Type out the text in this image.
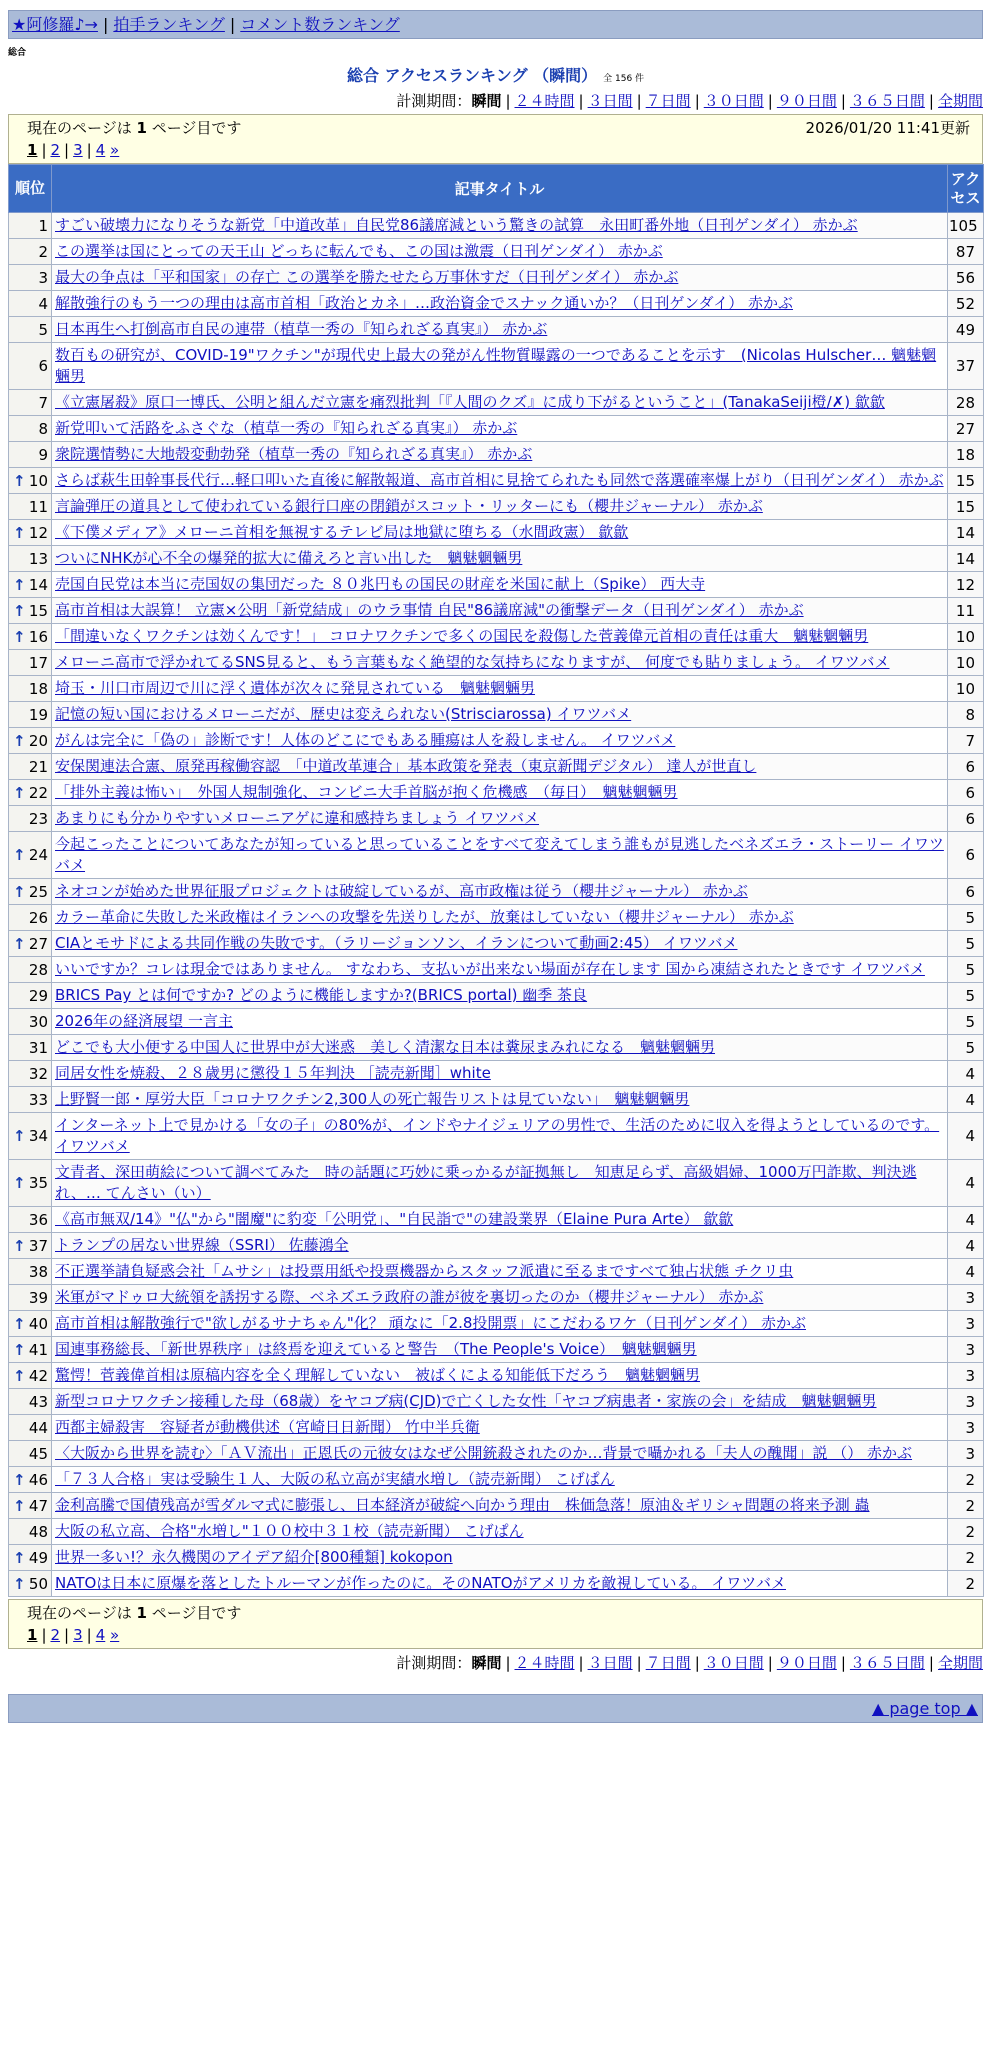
★阿修羅♪→ | 拍手ランキング | コメント数ランキング
総合
総合 アクセスランキング （瞬間） 全 156 件
計測期間：瞬間 | ２４時間 | ３日間 | ７日間 | ３０日間 | ９０日間 | ３６５日間 | 全期間
現在のページは 1 ページ目です	2026/01/20 11:41更新
1 | 2 | 3 | 4 »
順位	記事タイトル	アクセス
1	すごい破壊力になりそうな新党「中道改革」自民党86議席減という驚きの試算　永田町番外地（日刊ゲンダイ） 赤かぶ	105
2	この選挙は国にとっての天王山 どっちに転んでも、この国は激震（日刊ゲンダイ） 赤かぶ	87
3	最大の争点は「平和国家」の存亡 この選挙を勝たせたら万事休すだ（日刊ゲンダイ） 赤かぶ	56
4	解散強行のもう一つの理由は高市首相「政治とカネ」…政治資金でスナック通いか？（日刊ゲンダイ） 赤かぶ	52
5	日本再生へ打倒高市自民の連帯（植草一秀の『知られざる真実』） 赤かぶ	49
6	数百もの研究が、COVID-19"ワクチン"が現代史上最大の発がん性物質曝露の一つであることを示す　(Nicolas Hulscher… 魑魅魍魎男	37
7	《立憲屠殺》原口一博氏、公明と組んだ立憲を痛烈批判「『人間のクズ』に成り下がるということ」(TanakaSeiji橙/✗) 歙歙	28
8	新党叩いて活路をふさぐな（植草一秀の『知られざる真実』） 赤かぶ	27
9	衆院選情勢に大地殻変動勃発（植草一秀の『知られざる真実』） 赤かぶ	18

↑ 10	さらば萩生田幹事長代行…軽口叩いた直後に解散報道、高市首相に見捨てられたも同然で落選確率爆上がり（日刊ゲンダイ） 赤かぶ	15
11	言論弾圧の道具として使われている銀行口座の閉鎖がスコット・リッターにも（櫻井ジャーナル） 赤かぶ	15

↑ 12	《下僕メディア》メローニ首相を無視するテレビ局は地獄に堕ちる（水間政憲） 歙歙	14
13	ついにNHKが心不全の爆発的拡大に備えろと言い出した　魑魅魍魎男	14

↑ 14	売国自民党は本当に売国奴の集団だった ８０兆円もの国民の財産を米国に献上（Spike） 西大寺	12

↑ 15	高市首相は大誤算！ 立憲×公明「新党結成」のウラ事情 自民"86議席減"の衝撃データ（日刊ゲンダイ） 赤かぶ	11

↑ 16	「間違いなくワクチンは効くんです！」 コロナワクチンで多くの国民を殺傷した菅義偉元首相の責任は重大　魑魅魍魎男	10
17	メローニ高市で浮かれてるSNS見ると、もう言葉もなく絶望的な気持ちになりますが、 何度でも貼りましょう。 イワツバメ	10
18	埼玉・川口市周辺で川に浮く遺体が次々に発見されている　魑魅魍魎男	10
19	記憶の短い国におけるメローニだが、歴史は変えられない(Strisciarossa) イワツバメ	8

↑ 20	がんは完全に「偽の」診断です！人体のどこにでもある腫瘍は人を殺しません。 イワツバメ	7
21	安保関連法合憲、原発再稼働容認　「中道改革連合」基本政策を発表（東京新聞デジタル） 達人が世直し	6

↑ 22	「排外主義は怖い」　外国人規制強化、コンビニ大手首脳が抱く危機感　（毎日）　魑魅魍魎男	6
23	あまりにも分かりやすいメローニアゲに違和感持ちましょう イワツバメ	6

↑ 24	今起こったことについてあなたが知っていると思っていることをすべて変えてしまう誰もが見逃したベネズエラ・ストーリー イワツバメ	6

↑ 25	ネオコンが始めた世界征服プロジェクトは破綻しているが、高市政権は従う（櫻井ジャーナル） 赤かぶ	6
26	カラー革命に失敗した米政権はイランへの攻撃を先送りしたが、放棄はしていない（櫻井ジャーナル） 赤かぶ	5

↑ 27	CIAとモサドによる共同作戦の失敗です。（ラリージョンソン、イランについて動画2:45） イワツバメ	5
28	いいですか？コレは現金ではありません。 すなわち、支払いが出来ない場面が存在します 国から凍結されたときです イワツバメ	5
29	BRICS Pay とは何ですか? どのように機能しますか?(BRICS portal) 幽季 茶良	5
30	2026年の経済展望 一言主	5
31	どこでも大小便する中国人に世界中が大迷惑　美しく清潔な日本は糞尿まみれになる　魑魅魍魎男	5
32	同居女性を焼殺、２８歳男に懲役１５年判決 ［読売新聞］white	4
33	上野賢一郎・厚労大臣「コロナワクチン2,300人の死亡報告リストは見ていない」　魑魅魍魎男	4

↑ 34	インターネット上で見かける「女の子」の80%が、インドやナイジェリアの男性で、生活のために収入を得ようとしているのです。 イワツバメ	4

↑ 35	文青者、深田萌絵について調べてみた　時の話題に巧妙に乗っかるが証拠無し　知恵足らず、高級娼婦、1000万円詐欺、判決逃れ、… てんさい（い）	4
36	《高市無双/14》"仏"から"闇魔"に豹変「公明党」、"自民詣で"の建設業界（Elaine Pura Arte） 歙歙	4

↑ 37	トランプの居ない世界線（SSRI） 佐藤鴻全	4
38	不正選挙請負疑惑会社「ムサシ」は投票用紙や投票機器からスタッフ派遣に至るまですべて独占状態 チクリ虫	4
39	米軍がマドゥロ大統領を誘拐する際、ベネズエラ政府の誰が彼を裏切ったのか（櫻井ジャーナル） 赤かぶ	3

↑ 40	高市首相は解散強行で"欲しがるサナちゃん"化？ 頑なに「2.8投開票」にこだわるワケ（日刊ゲンダイ） 赤かぶ	3

↑ 41	国連事務総長、「新世界秩序」は終焉を迎えていると警告　（The People's Voice）　魑魅魍魎男	3

↑ 42	驚愕！菅義偉首相は原稿内容を全く理解していない　被ばくによる知能低下だろう　魑魅魍魎男	3
43	新型コロナワクチン接種した母（68歳）をヤコブ病(CJD)で亡くした女性「ヤコブ病患者・家族の会」を結成　魑魅魍魎男	3
44	西都主婦殺害　容疑者が動機供述（宮崎日日新聞） 竹中半兵衛	3
45	〈大阪から世界を読む〉「ＡＶ流出」正恩氏の元彼女はなぜ公開銃殺されたのか…背景で囁かれる「夫人の醜聞」説 （） 赤かぶ	3

↑ 46	「７３人合格」実は受験生１人、大阪の私立高が実績水増し（読売新聞） こげぱん	2

↑ 47	金利高騰で国債残高が雪ダルマ式に膨張し、日本経済が破綻へ向かう理由　株価急落！原油＆ギリシャ問題の将来予測 蟲	2
48	大阪の私立高、合格"水増し"１００校中３１校（読売新聞） こげぱん	2

↑ 49	世界一多い!？永久機関のアイデア紹介[800種類] kokopon	2

↑ 50	NATOは日本に原爆を落としたトルーマンが作ったのに。そのNATOがアメリカを敵視している。 イワツバメ	2
現在のページは 1 ページ目です
1 | 2 | 3 | 4 »
計測期間：瞬間 | ２４時間 | ３日間 | ７日間 | ３０日間 | ９０日間 | ３６５日間 | 全期間
▲ page top ▲
